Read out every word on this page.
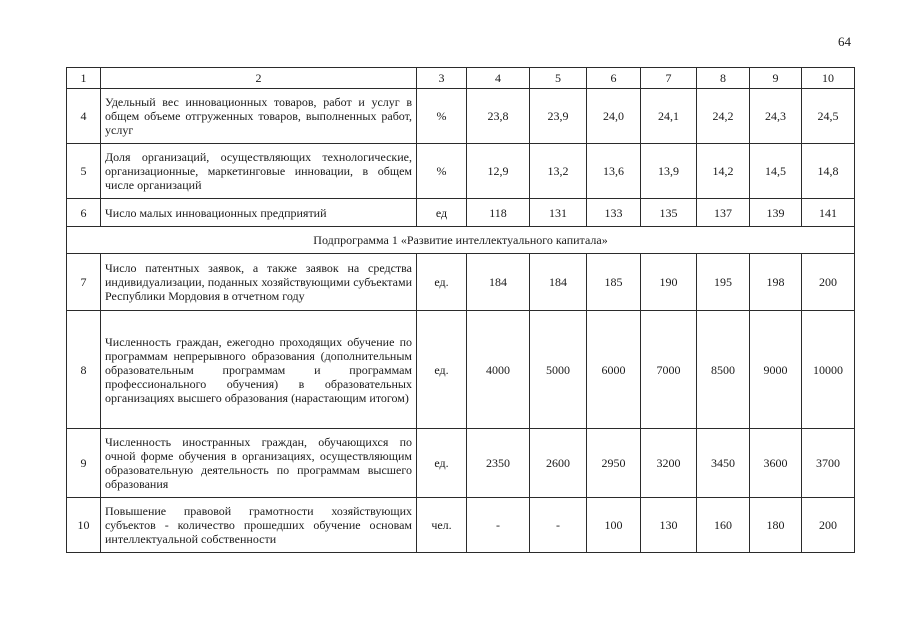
64
1	2	3	4	5	6	7	8	9	10
4	Удельный вес инновационных товаров, работ и услуг в общем объеме отгруженных товаров, выполненных работ, услуг	%	23,8	23,9	24,0	24,1	24,2	24,3	24,5
5	Доля организаций, осуществляющих технологические, организационные, маркетинговые инновации, в общем числе организаций	%	12,9	13,2	13,6	13,9	14,2	14,5	14,8
6	Число малых инновационных предприятий	ед	118	131	133	135	137	139	141
Подпрограмма 1 «Развитие интеллектуального капитала»									
7	Число патентных заявок, а также заявок на средства индивидуализации, поданных хозяйствующими субъектами Республики Мордовия в отчетном году	ед.	184	184	185	190	195	198	200
8	Численность граждан, ежегодно проходящих обучение по программам непрерывного образования (дополнительным образовательным программам и программам профессионального обучения) в образовательных организациях высшего образования (нарастающим итогом)	ед.	4000	5000	6000	7000	8500	9000	10000
9	Численность иностранных граждан, обучающихся по очной форме обучения в организациях, осуществляющим образовательную деятельность по программам высшего образования	ед.	2350	2600	2950	3200	3450	3600	3700
10	Повышение правовой грамотности хозяйствующих субъектов - количество прошедших обучение основам интеллектуальной собственности	чел.	-	-	100	130	160	180	200
